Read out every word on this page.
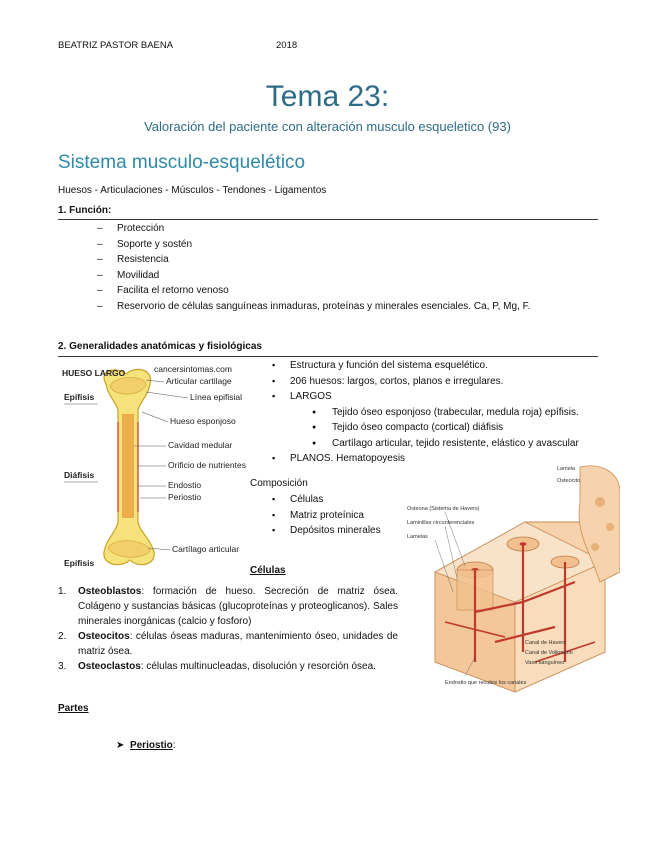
BEATRIZ PASTOR BAENA	2018
Tema 23:
Valoración del paciente con alteración musculo esqueletico (93)
Sistema musculo-esquelético
Huesos - Articulaciones - Músculos - Tendones - Ligamentos
1. Función:
– Protección
– Soporte y sostén
– Resistencia
– Movilidad
– Facilita el retorno venoso
– Reservorio de células sanguíneas inmaduras, proteínas y minerales esenciales. Ca, P, Mg, F.
2. Generalidades anatómicas y fisiológicas
▪ Estructura y función del sistema esquelético.
▪ 206 huesos: largos, cortos, planos e irregulares.
▪ LARGOS
● Tejido óseo esponjoso (trabecular, medula roja) epífisis.
● Tejido óseo compacto (cortical) diáfisis
● Cartílago articular, tejido resistente, elástico y avascular
▪ PLANOS. Hematopoyesis
Composición
▪ Células
▪ Matriz proteínica
▪ Depósitos minerales
Células
1. Osteoblastos: formación de hueso. Secreción de matriz ósea. Colágeno y sustancias básicas (glucoproteínas y proteoglicanos). Sales minerales inorgánicas (calcio y fosforo)
2. Osteocitos: células óseas maduras, mantenimiento óseo, unidades de matriz ósea.
3. Osteoclastos: células multinucleadas, disolución y resorción ósea.
Partes
➤ Periostio:
HUESO LARGO	cancersintomas.com
Articular cartilage
Línea epifisial
Hueso esponjoso
Cavidad medular
Orificio de nutrientes
Endostio
Periostio
Cartílago articular
Epífisis
Diáfisis
Epífisis
Osteona (Sistema de Havers)
Laminillas circunferenciales
Lamelas
Lamela
Osteocito
Canal de Havers
Canal de Volkmann
Vaso sanguíneo
Endostio que recubre los canales
